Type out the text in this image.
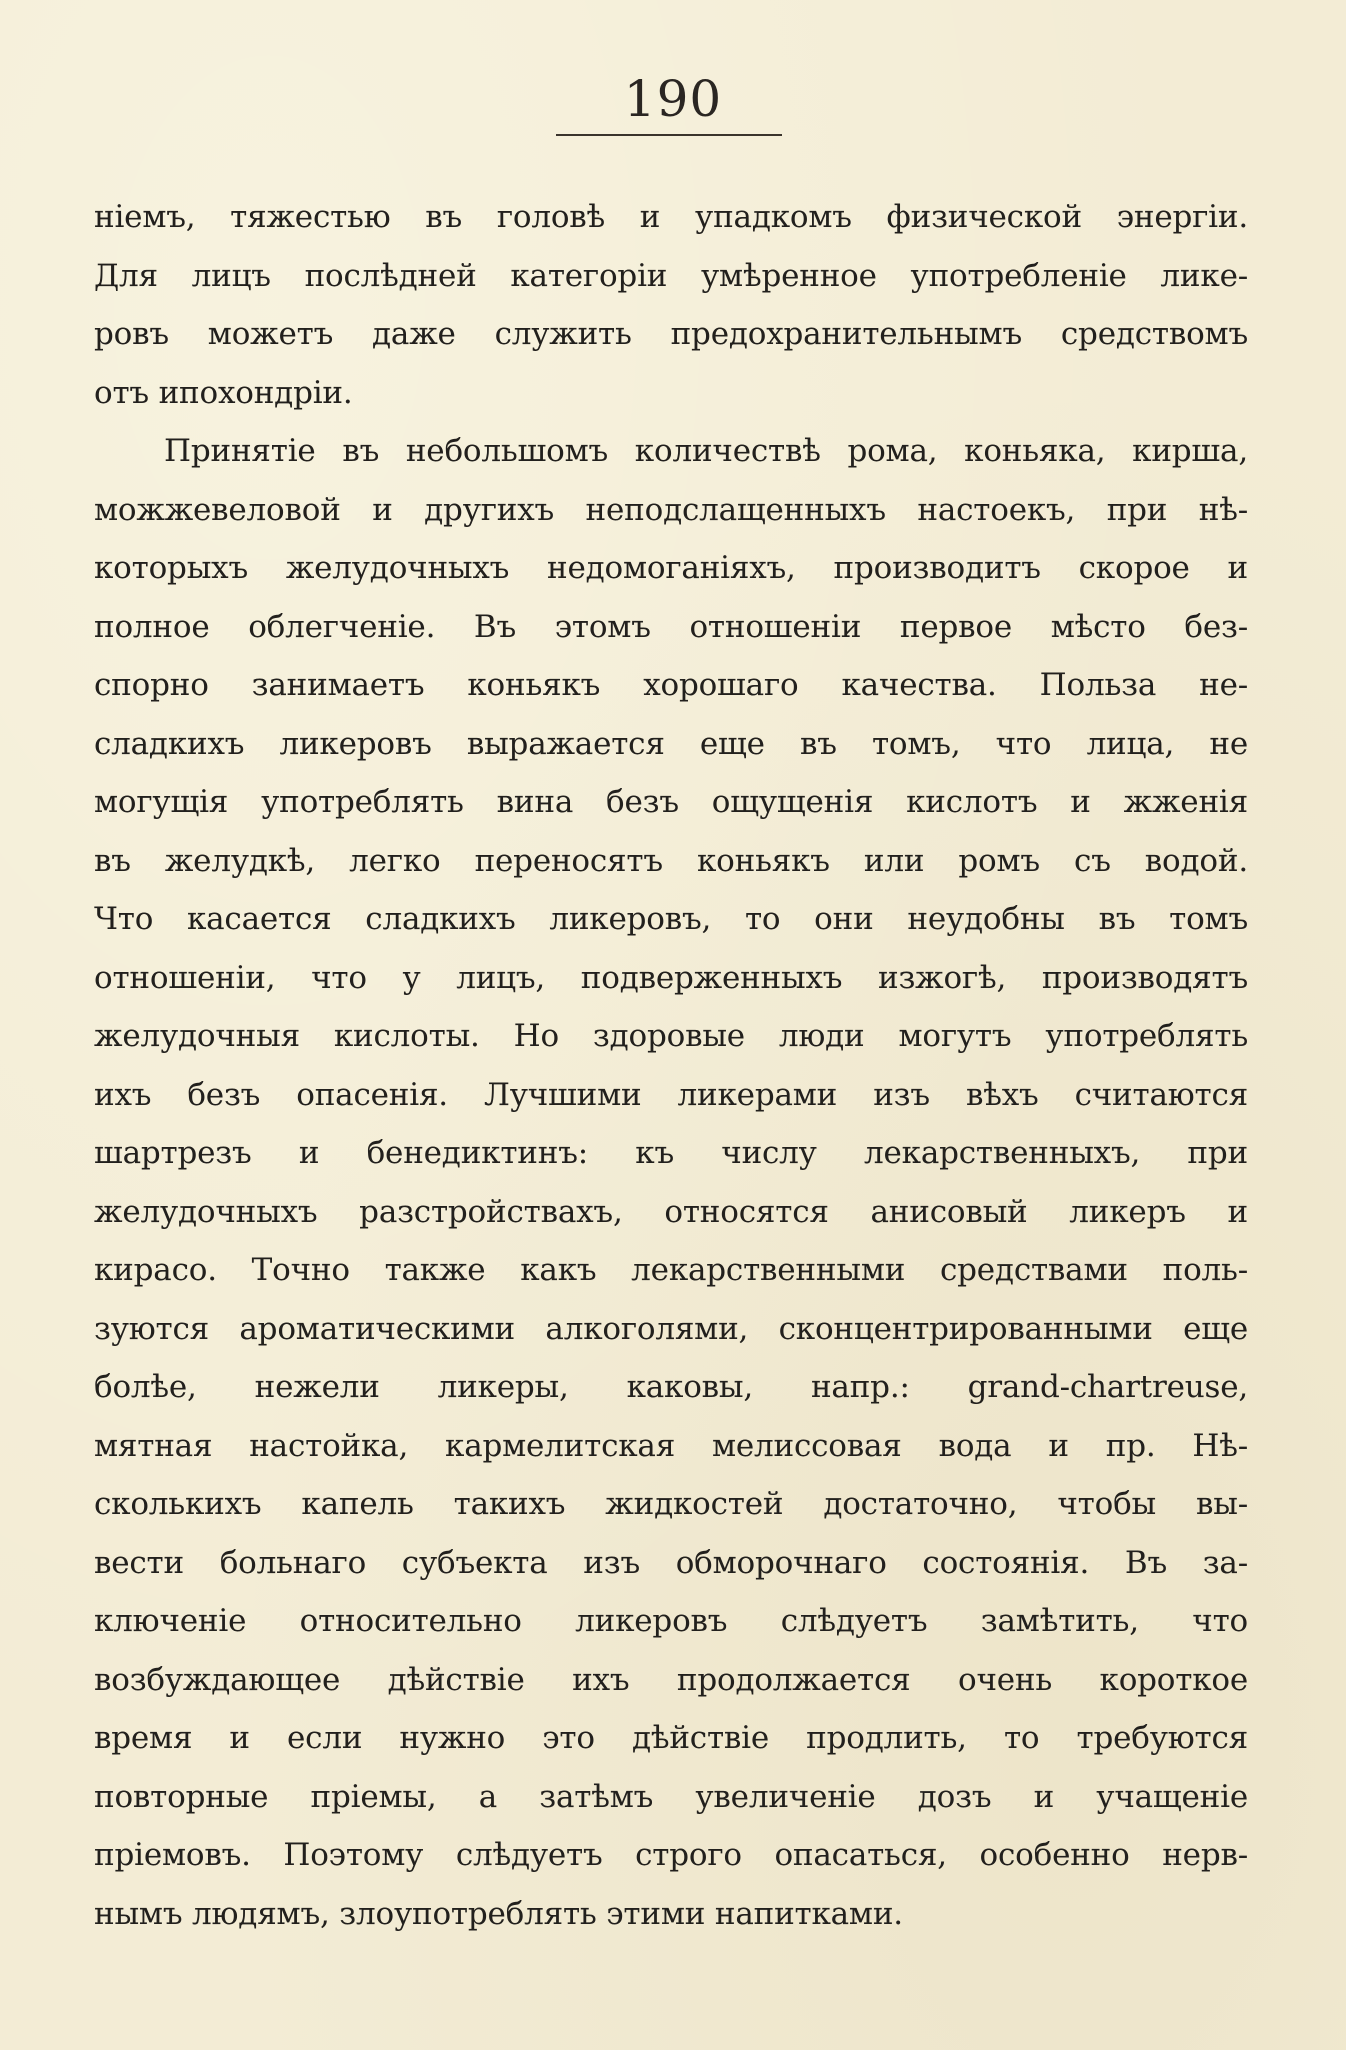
190
ніемъ, тяжестью въ головѣ и упадкомъ физической энергіи.
Для лицъ послѣдней категоріи умѣренное употребленіе лике-
ровъ можетъ даже служить предохранительнымъ средствомъ
отъ ипохондріи.
Принятіе въ небольшомъ количествѣ рома, коньяка, кирша,
можжевеловой и другихъ неподслащенныхъ настоекъ, при нѣ-
которыхъ желудочныхъ недомоганіяхъ, производитъ скорое и
полное облегченіе. Въ этомъ отношеніи первое мѣсто без-
спорно занимаетъ коньякъ хорошаго качества. Польза не-
сладкихъ ликеровъ выражается еще въ томъ, что лица, не
могущія употреблять вина безъ ощущенія кислотъ и жженія
въ желудкѣ, легко переносятъ коньякъ или ромъ съ водой.
Что касается сладкихъ ликеровъ, то они неудобны въ томъ
отношеніи, что у лицъ, подверженныхъ изжогѣ, производятъ
желудочныя кислоты. Но здоровые люди могутъ употреблять
ихъ безъ опасенія. Лучшими ликерами изъ вѣхъ считаются
шартрезъ и бенедиктинъ: къ числу лекарственныхъ, при
желудочныхъ разстройствахъ, относятся анисовый ликеръ и
кирасо. Точно также какъ лекарственными средствами поль-
зуются ароматическими алкоголями, сконцентрированными еще
болѣе, нежели ликеры, каковы, напр.: grand-chartreuse,
мятная настойка, кармелитская мелиссовая вода и пр. Нѣ-
сколькихъ капель такихъ жидкостей достаточно, чтобы вы-
вести больнаго субъекта изъ обморочнаго состоянія. Въ за-
ключеніе относительно ликеровъ слѣдуетъ замѣтить, что
возбуждающее дѣйствіе ихъ продолжается очень короткое
время и если нужно это дѣйствіе продлить, то требуются
повторные пріемы, а затѣмъ увеличеніе дозъ и учащеніе
пріемовъ. Поэтому слѣдуетъ строго опасаться, особенно нерв-
нымъ людямъ, злоупотреблять этими напитками.
